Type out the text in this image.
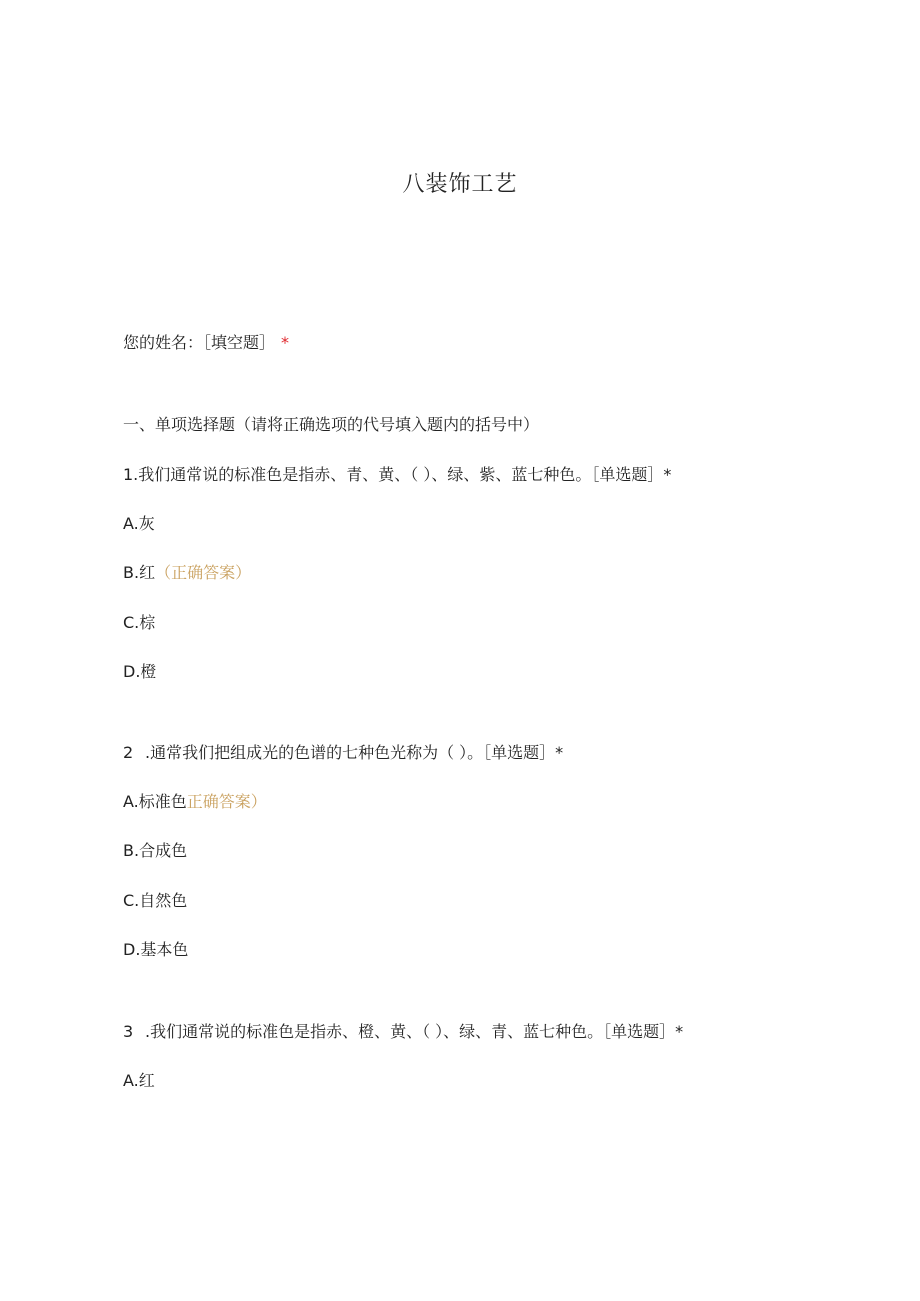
八装饰工艺
您的姓名：［填空题］ *
一、单项选择题（请将正确选项的代号填入题内的括号中）
1.我们通常说的标准色是指赤、青、黄、（ ）、绿、紫、蓝七种色。［单选题］*
A.灰
B.红（正确答案）
C.棕
D.橙
2 .通常我们把组成光的色谱的七种色光称为（ ）。［单选题］*
A.标准色正确答案）
B.合成色
C.自然色
D.基本色
3 .我们通常说的标准色是指赤、橙、黄、（ ）、绿、青、蓝七种色。［单选题］*
A.红
